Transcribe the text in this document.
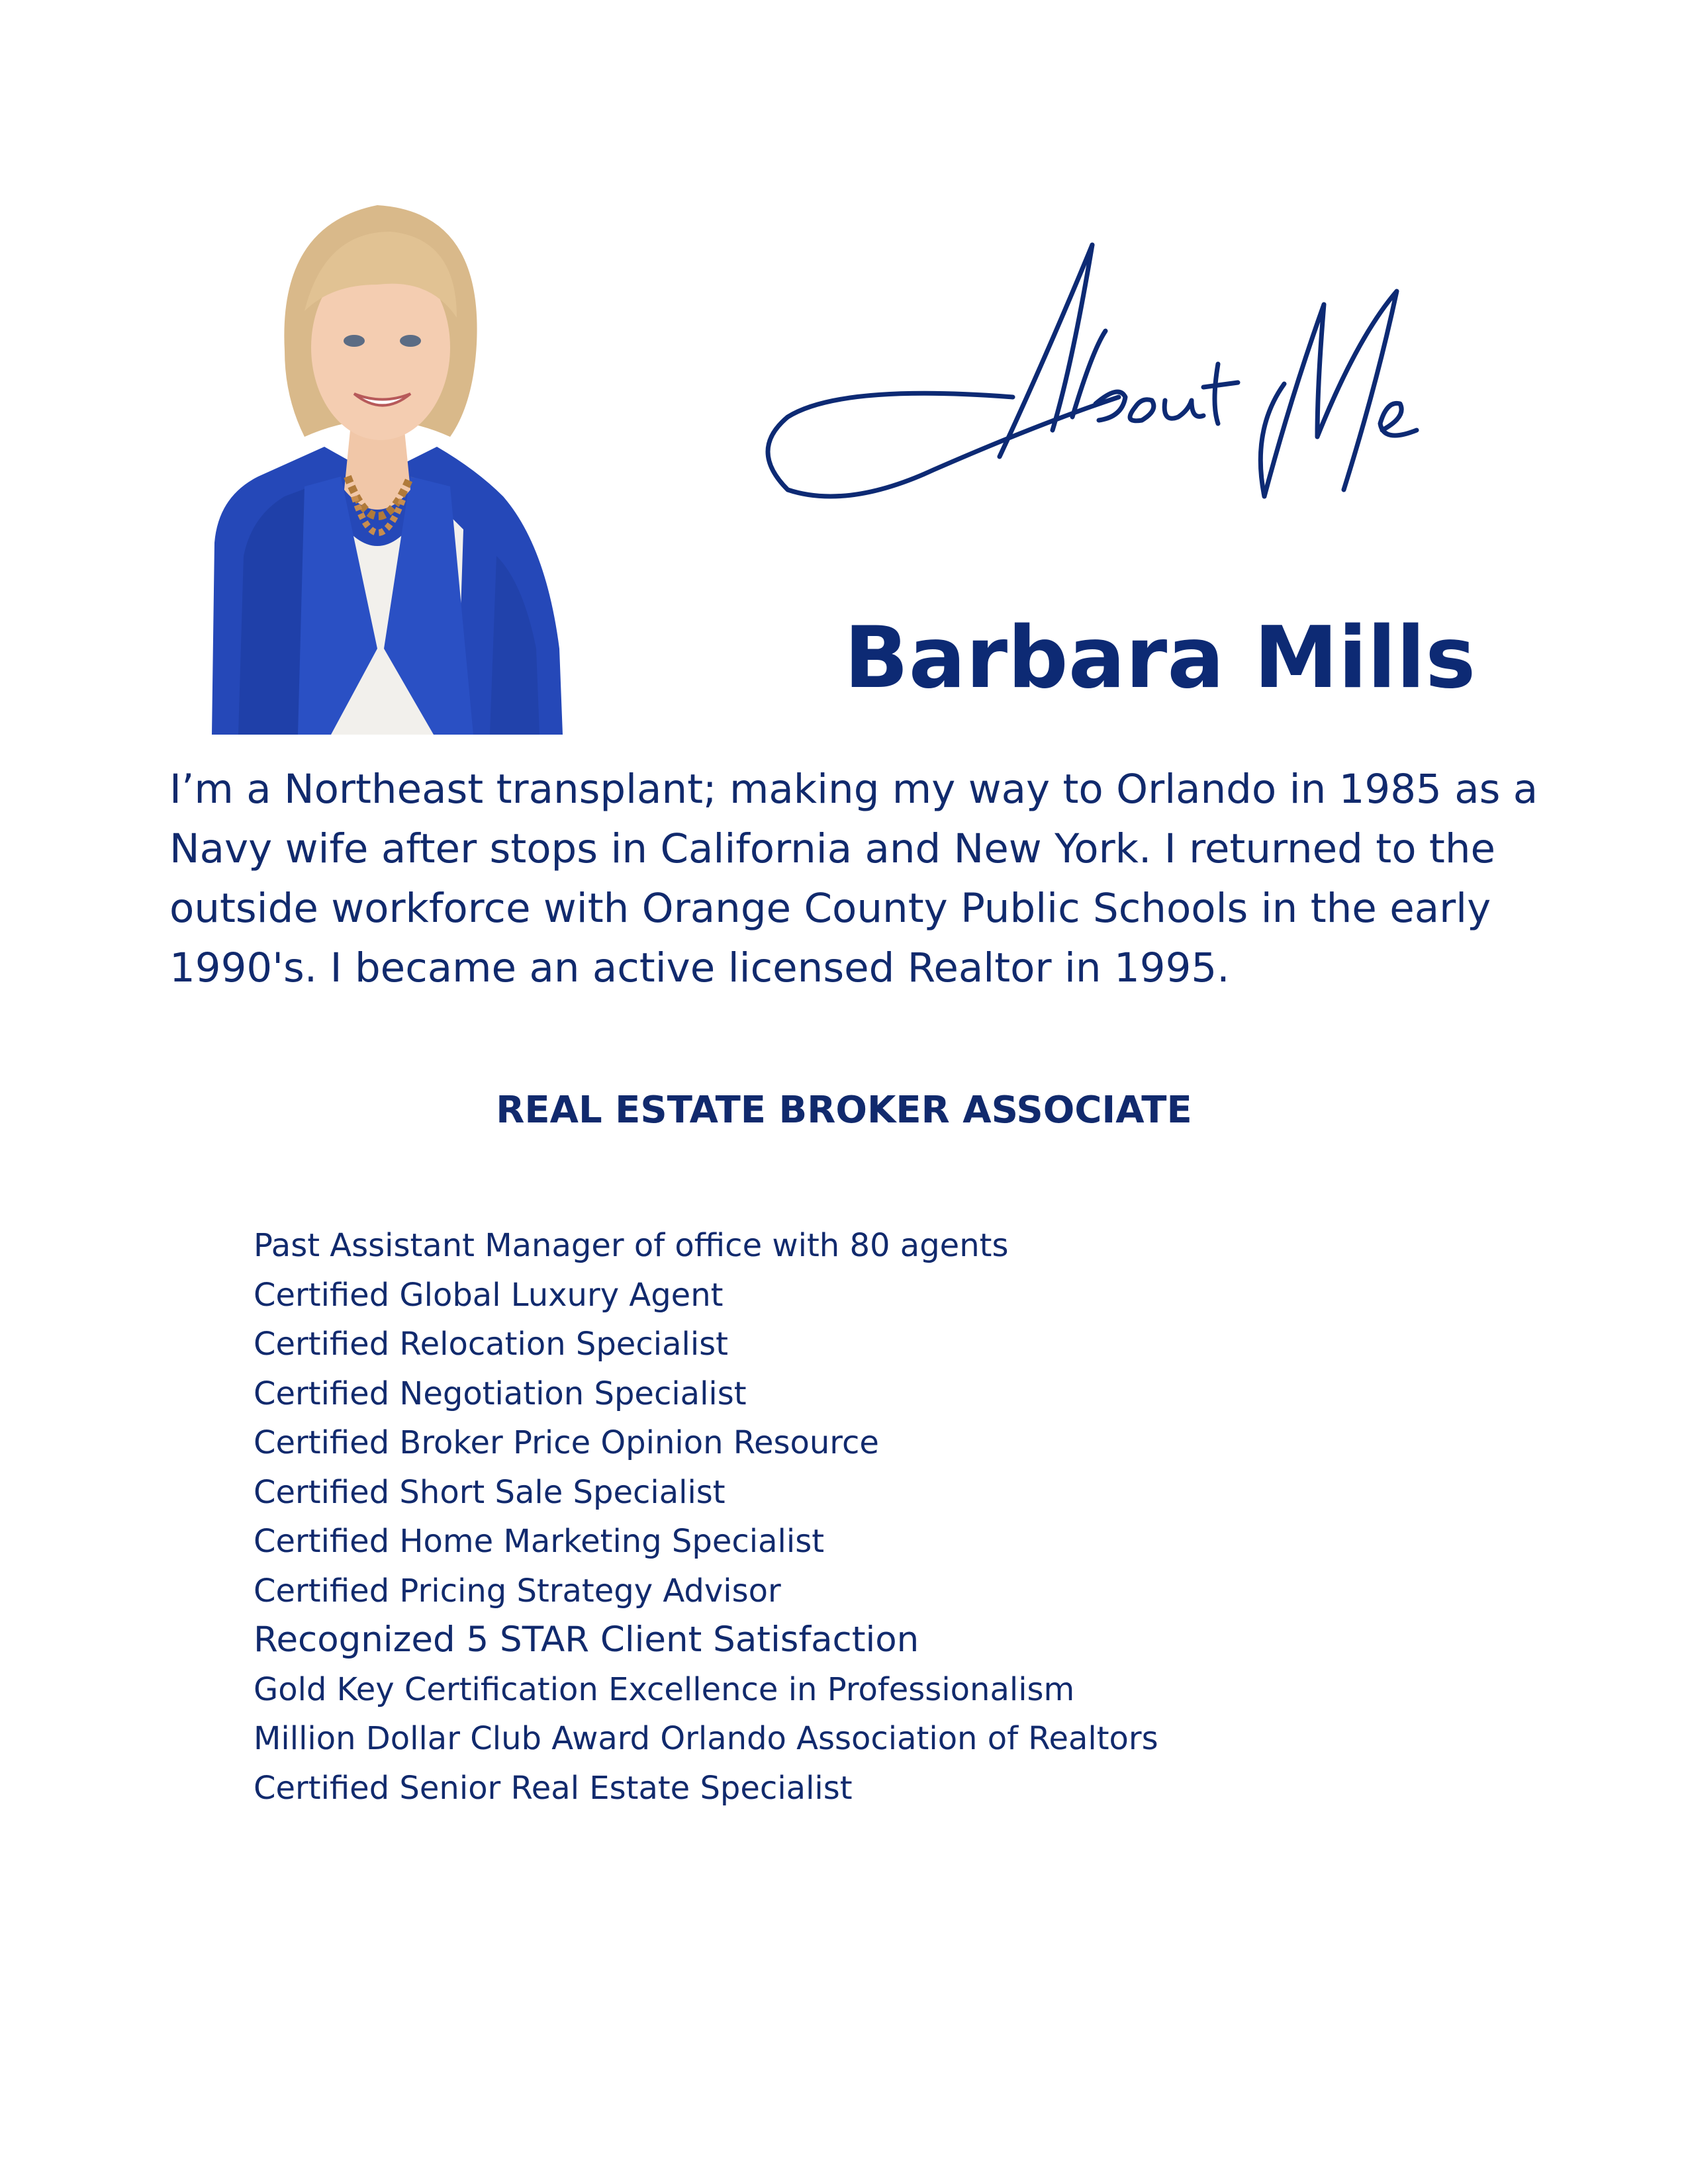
Barbara Mills

I’m a Northeast transplant; making my way to Orlando in 1985 as a Navy wife after stops in California and New York. I returned to the outside workforce with Orange County Public Schools in the early 1990's. I became an active licensed Realtor in 1995.

REAL ESTATE BROKER ASSOCIATE
Past Assistant Manager of office with 80 agents
Certified Global Luxury Agent
Certified Relocation Specialist
Certified Negotiation Specialist
Certified Broker Price Opinion Resource
Certified Short Sale Specialist
Certified Home Marketing Specialist
Certified Pricing Strategy Advisor
Recognized 5 STAR Client Satisfaction
Gold Key Certification Excellence in Professionalism
Million Dollar Club Award Orlando Association of Realtors
Certified Senior Real Estate Specialist
